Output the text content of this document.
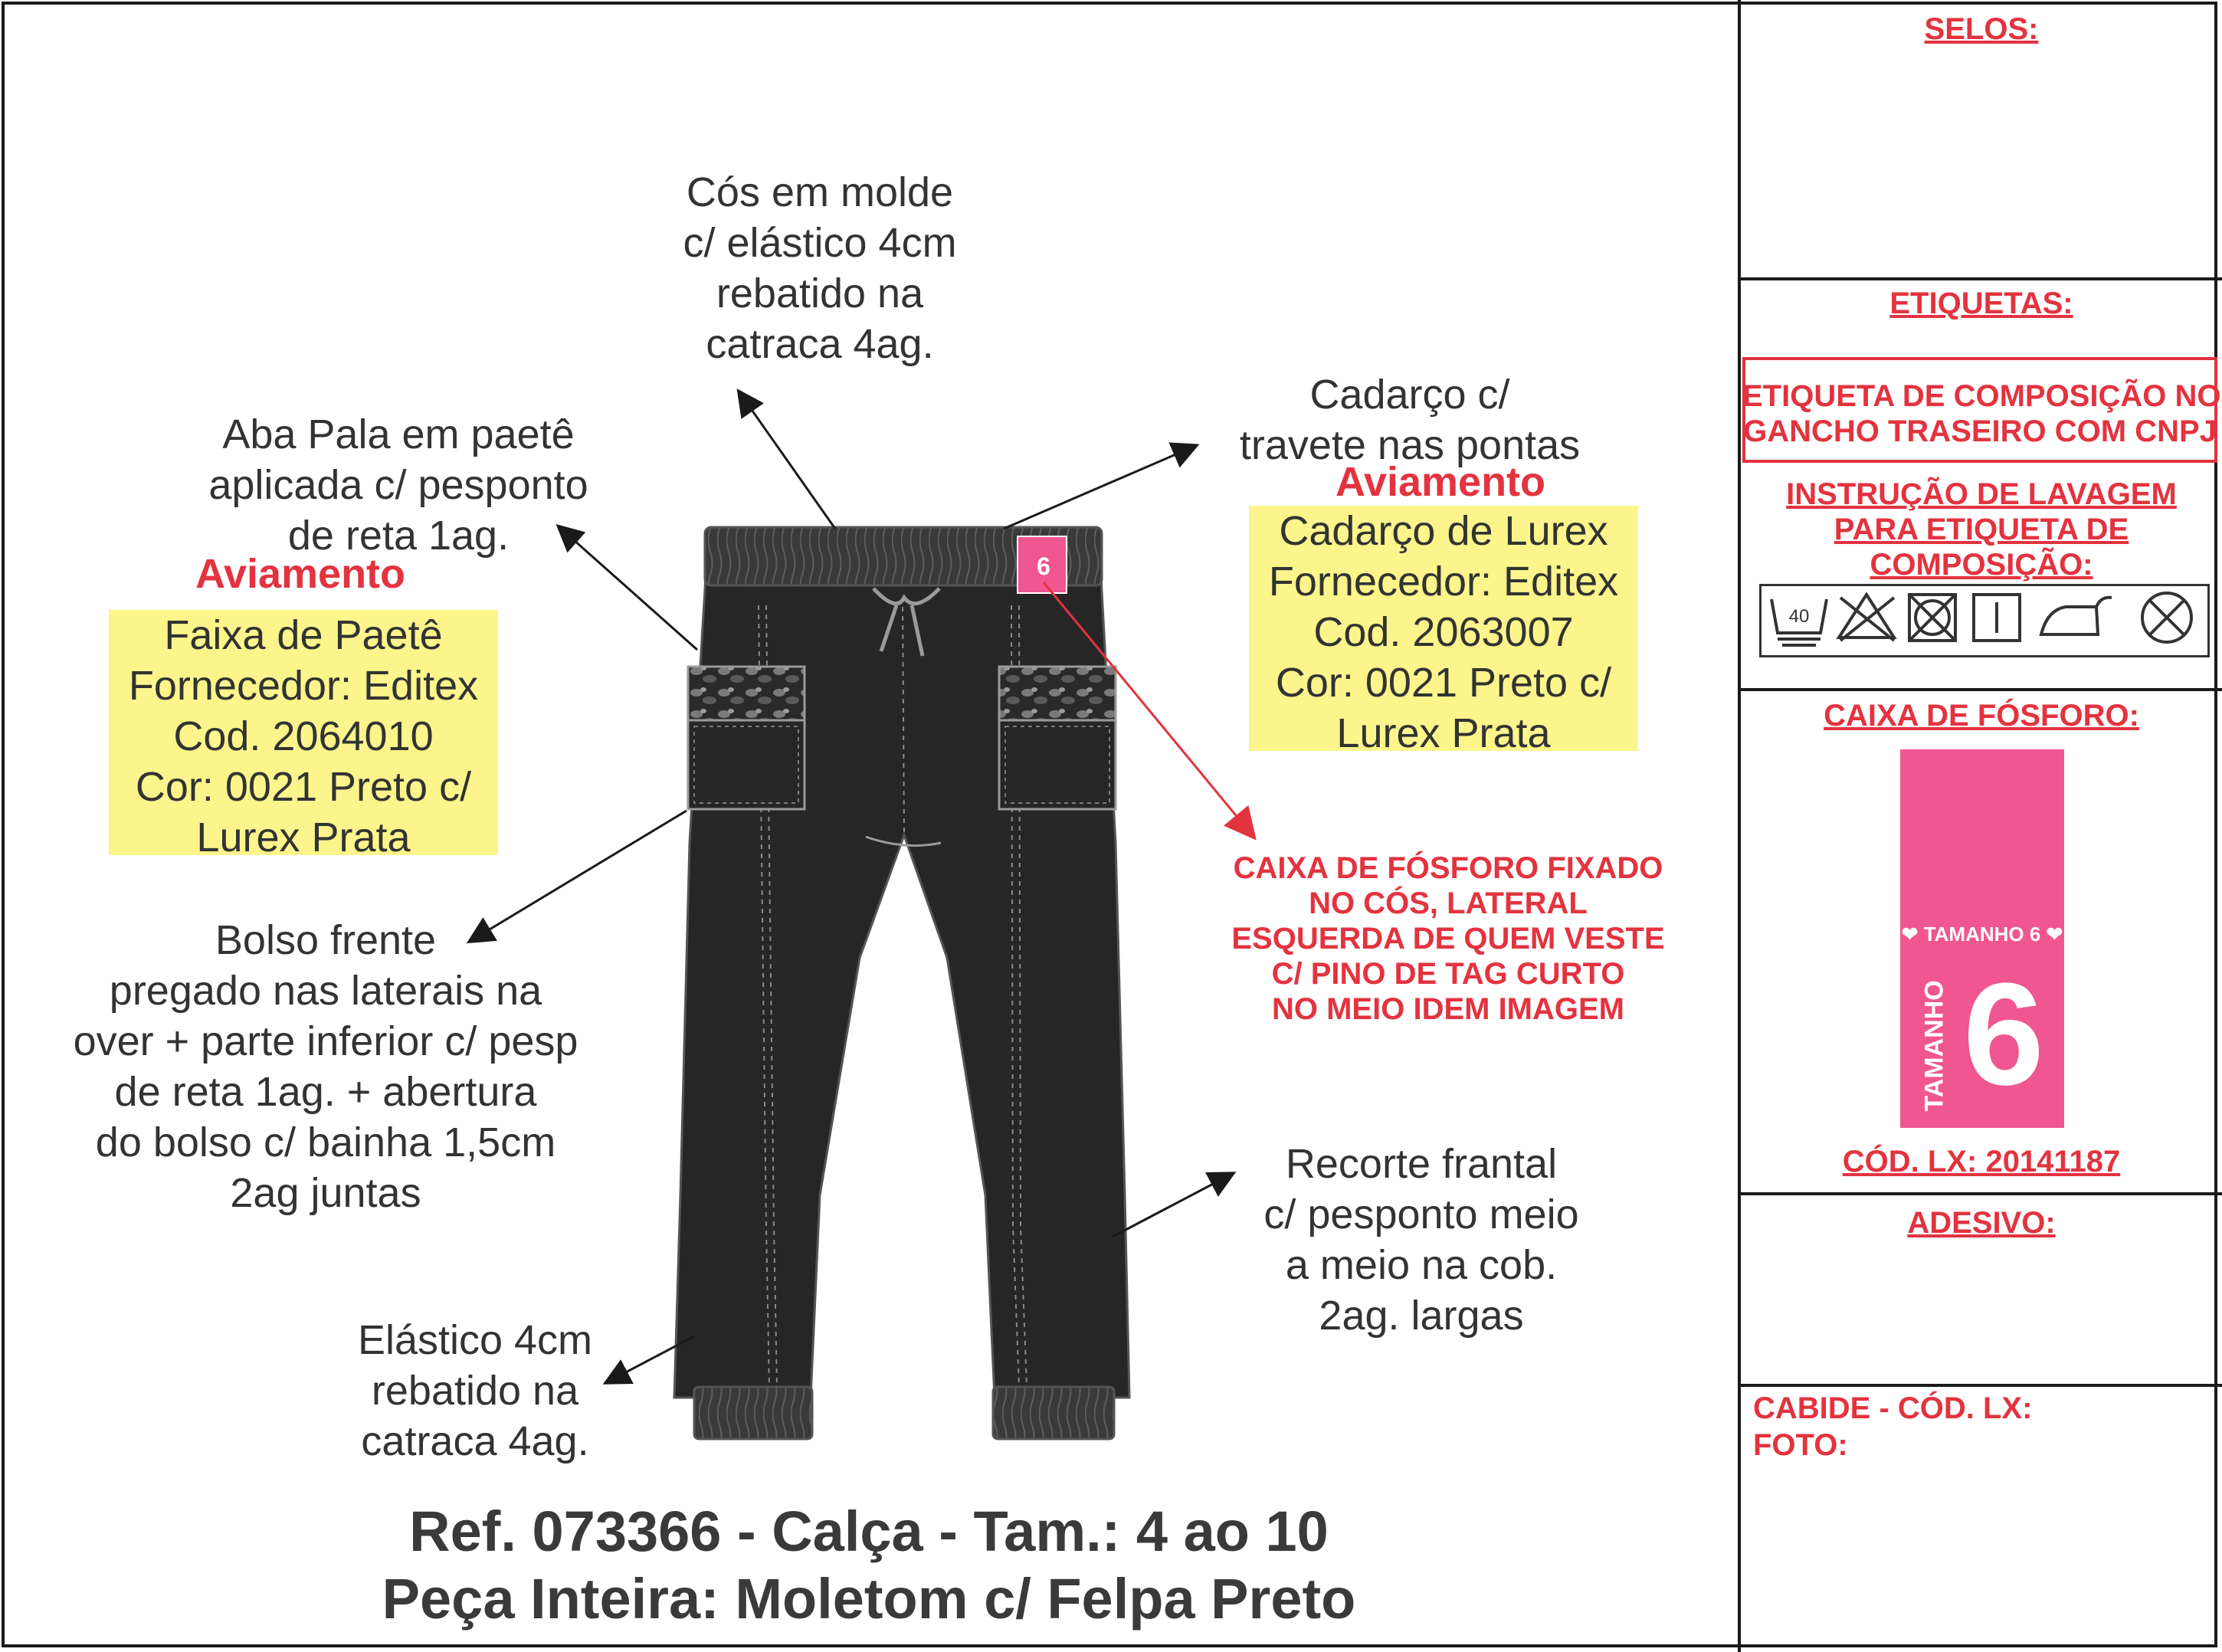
6
Cós em molde
c/ elástico 4cm
rebatido na
catraca 4ag.
Cadarço c/
travete nas pontas
Aba Pala em paetê
aplicada c/ pesponto
de reta 1ag.
Bolso frente
pregado nas laterais na
over + parte inferior c/ pesp
de reta 1ag. + abertura
do bolso c/ bainha 1,5cm
2ag juntas
Recorte frantal
c/ pesponto meio
a meio na cob.
2ag. largas
Elástico 4cm
rebatido na
catraca 4ag.
Aviamento
Faixa de Paetê
Fornecedor: Editex
Cod. 2064010
Cor: 0021 Preto c/
Lurex Prata
Aviamento
Cadarço de Lurex
Fornecedor: Editex
Cod. 2063007
Cor: 0021 Preto c/
Lurex Prata
CAIXA DE FÓSFORO FIXADO
NO CÓS, LATERAL
ESQUERDA DE QUEM VESTE
C/ PINO DE TAG CURTO
NO MEIO IDEM IMAGEM
Ref. 073366 - Calça - Tam.: 4 ao 10
Peça Inteira: Moletom c/ Felpa Preto
SELOS:
ETIQUETAS:
ETIQUETA DE COMPOSIÇÃO NO
GANCHO TRASEIRO COM CNPJ
INSTRUÇÃO DE LAVAGEM
PARA ETIQUETA DE
COMPOSIÇÃO:
40
CAIXA DE FÓSFORO:
❤ TAMANHO 6 ❤
TAMANHO 6
CÓD. LX: 20141187
ADESIVO:
CABIDE - CÓD. LX:
FOTO:
